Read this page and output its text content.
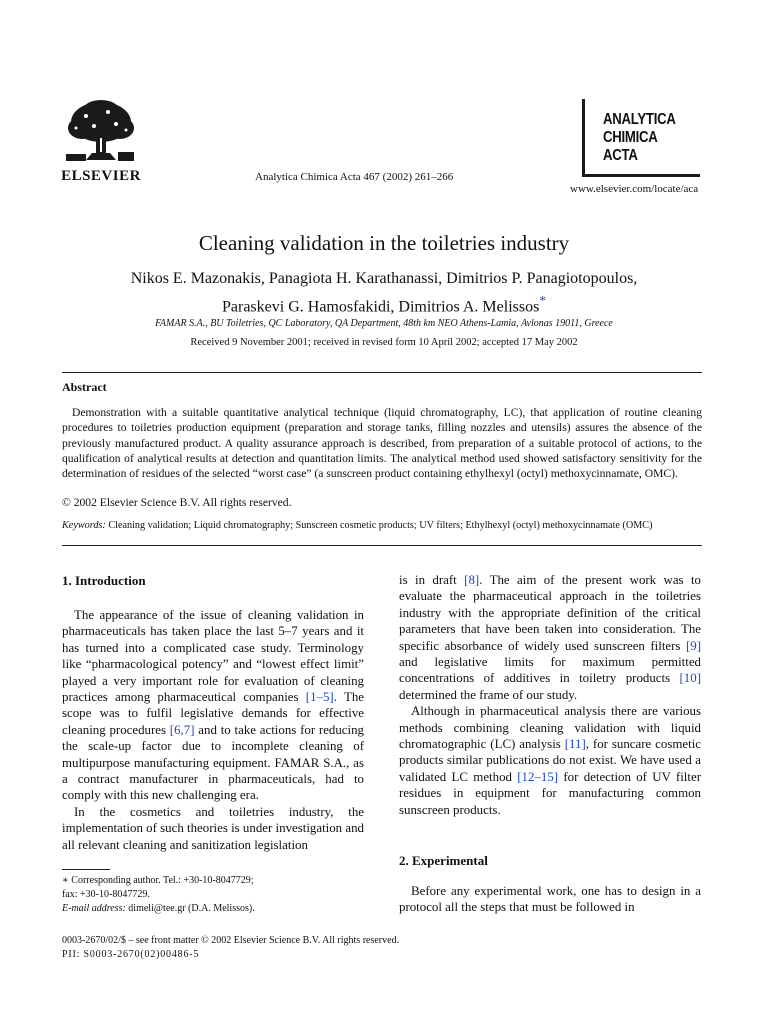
ELSEVIER	Analytica Chimica Acta 467 (2002) 261–266
ANALYTICA
CHIMICA
ACTA
www.elsevier.com/locate/aca
Cleaning validation in the toiletries industry
Nikos E. Mazonakis, Panagiota H. Karathanassi, Dimitrios P. Panagiotopoulos,
Paraskevi G. Hamosfakidi, Dimitrios A. Melissos*
FAMAR S.A., BU Toiletries, QC Laboratory, QA Department, 48th km NEO Athens-Lamia, Avlonas 19011, Greece
Received 9 November 2001; received in revised form 10 April 2002; accepted 17 May 2002
Abstract

Demonstration with a suitable quantitative analytical technique (liquid chromatography, LC), that application of routine cleaning procedures to toiletries production equipment (preparation and storage tanks, filling nozzles and utensils) assures the absence of the previously manufactured product. A quality assurance approach is described, from preparation of a suitable protocol of actions, to the qualification of analytical results at detection and quantitation limits. The analytical method used showed satisfactory sensitivity for the determination of residues of the selected “worst case” (a sunscreen product containing ethylhexyl (octyl) methoxycinnamate, OMC).

© 2002 Elsevier Science B.V. All rights reserved.
Keywords: Cleaning validation; Liquid chromatography; Sunscreen cosmetic products; UV filters; Ethylhexyl (octyl) methoxycinnamate (OMC)
1. Introduction

The appearance of the issue of cleaning validation in pharmaceuticals has taken place the last 5–7 years and it has turned into a complicated case study. Terminology like “pharmacological potency” and “lowest effect limit” played a very important role for evaluation of cleaning practices among pharmaceutical companies [1–5]. The scope was to fulfil legislative demands for effective cleaning procedures [6,7] and to take actions for reducing the scale-up factor due to incomplete cleaning of multipurpose manufacturing equipment. FAMAR S.A., as a contract manufacturer in pharmaceuticals, had to comply with this new challenging era.

In the cosmetics and toiletries industry, the implementation of such theories is under investigation and all relevant cleaning and sanitization legislation

is in draft [8]. The aim of the present work was to evaluate the pharmaceutical approach in the toiletries industry with the appropriate definition of the critical parameters that have been taken into consideration. The specific absorbance of widely used sunscreen filters [9] and legislative limits for maximum permitted concentrations of additives in toiletry products [10] determined the frame of our study.

Although in pharmaceutical analysis there are various methods combining cleaning validation with liquid chromatographic (LC) analysis [11], for suncare cosmetic products similar publications do not exist. We have used a validated LC method [12–15] for detection of UV filter residues in equipment for manufacturing common sunscreen products.

2. Experimental

Before any experimental work, one has to design in a protocol all the steps that must be followed in

∗ Corresponding author. Tel.: +30-10-8047729;
fax: +30-10-8047729.
E-mail address: dimeli@tee.gr (D.A. Melissos).
0003-2670/02/$ – see front matter © 2002 Elsevier Science B.V. All rights reserved.
PII: S0003-2670(02)00486-5
